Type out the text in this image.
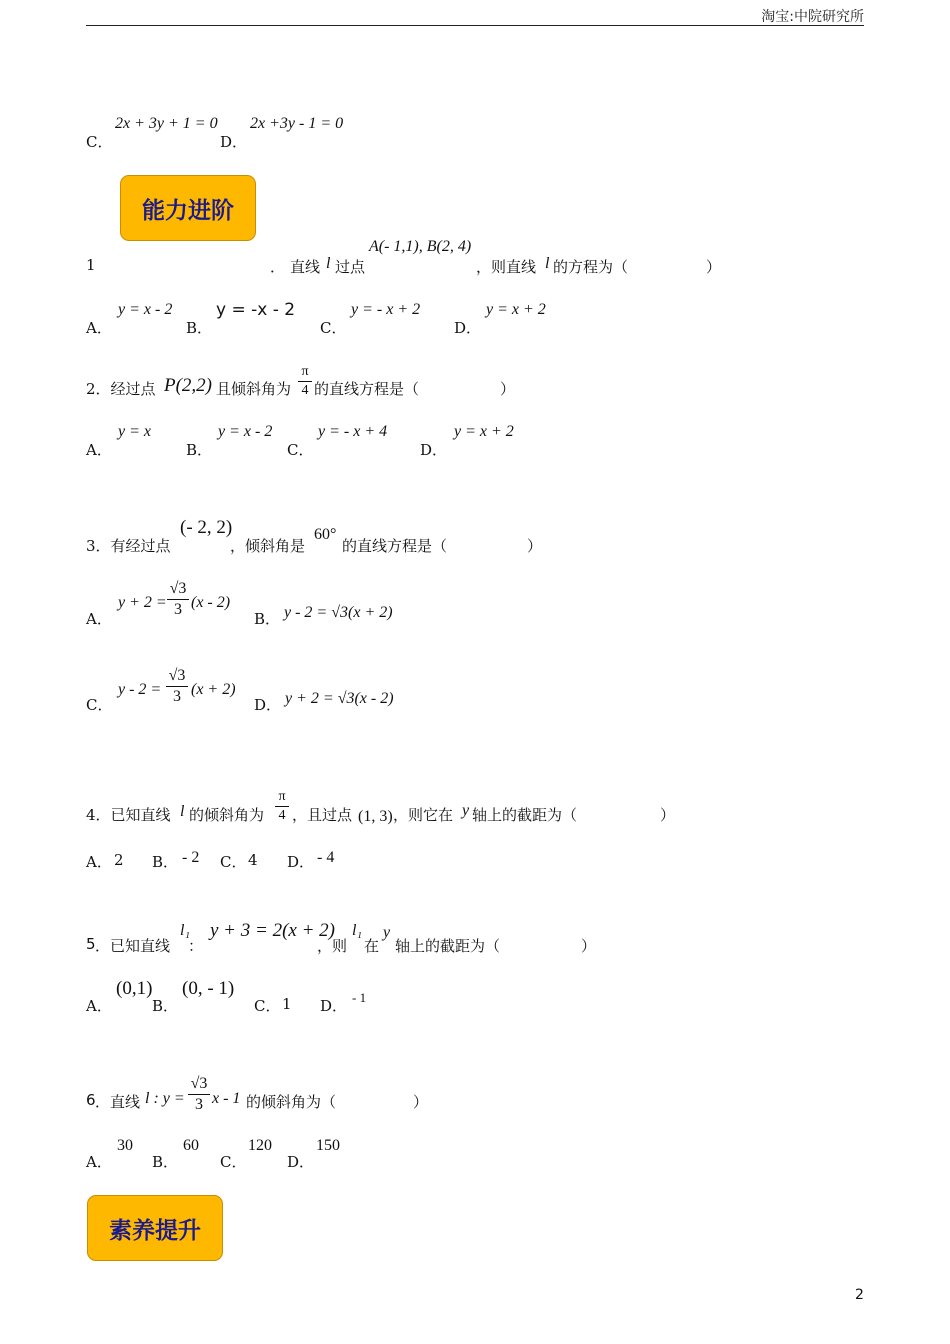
淘宝:中院研究所
C．
2x + 3y + 1 = 0
D．
2x +3y - 1 = 0
能力进阶
1	． 直线 l 过点
A(- 1,1), B(2, 4)
，则直线 l 的方程为（	）
A．
y = x - 2
B．
y = -x - 2
C．
y = - x + 2
D．
y = x + 2
2．经过点 P(2,2) 且倾斜角为
π
4 的直线方程是（	）
A．
y = x
B．
y = x - 2
C．
y = - x + 4
D．
y = x + 2
3．有经过点
(- 2, 2)
，倾斜角是
60°
的直线方程是（	）
A．
y + 2 =
√3
3 (x - 2)
B． y - 2 = √3(x + 2)
C．
y - 2 =
√3
3 (x + 2)
D． y + 2 = √3(x - 2)
4．已知直线 l 的倾斜角为
π
4 ，且过点 (1, 3) ，则它在 y 轴上的截距为（	）
A． 2 B． - 2 C． 4 D． - 4
5 ．已知直线
l₁
：
y + 3 = 2(x + 2)
，则
l₁
在
y
轴上的截距为（	）
A．
(0,1)
B．
(0, - 1)
C． 1 D． - 1
6 ．直线 l : y =
√3
3 x - 1 的倾斜角为（	）
A．
30
B．
60
C．
120
D．
150
素养提升
2
